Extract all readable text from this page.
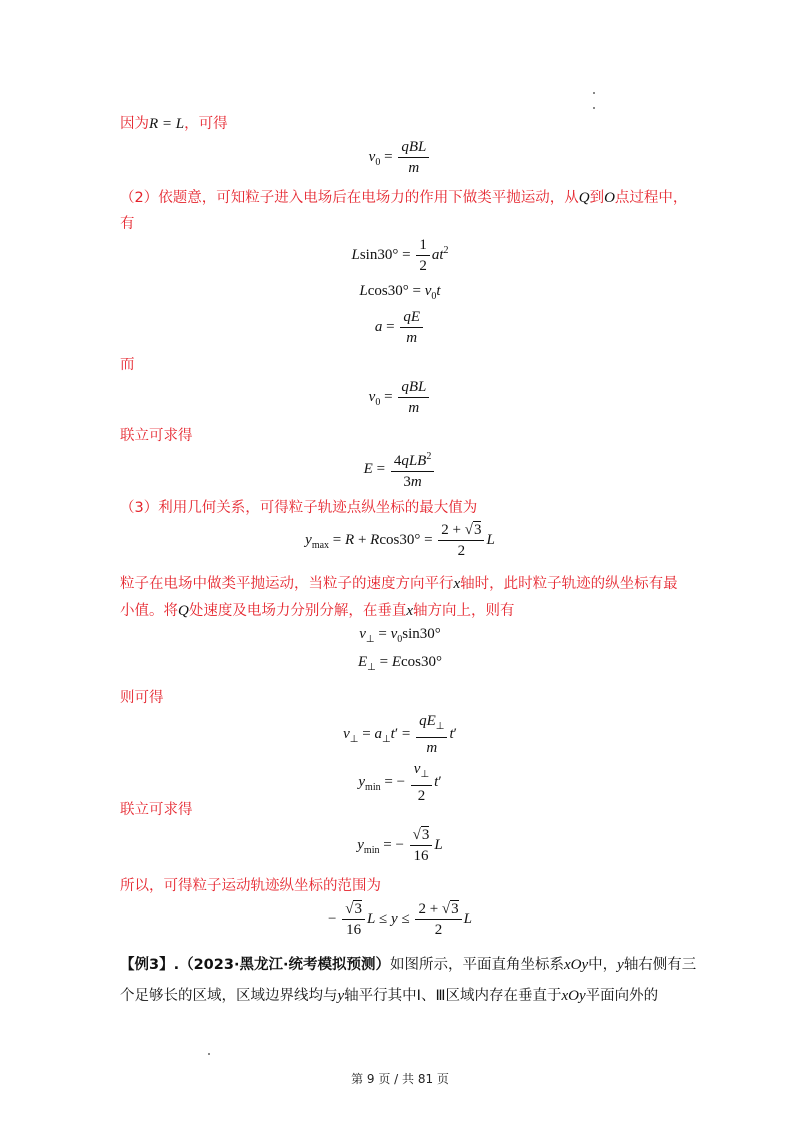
因为R = L，可得
$v_0 = \frac{\text{qBL}}{m}$
（2）依题意，可知粒子进入电场后在电场力的作用下做类平抛运动，从Q到O点过程中，
有
$Lsin30^\circ = \frac{1}{2} at^2$
$Lcos30^\circ = v_0t$
$a = \frac{qE}{m}$
而
$v_0 = \frac{\text{qBL}}{m}$
联立可求得
$E = \frac{4qLB^2}{3m}$
（3）利用几何关系，可得粒子轨迹点纵坐标的最大值为
$y_{max} = R + Rcos30^\circ = \frac{2 + √3}{2}$ L
粒子在电场中做类平抛运动，当粒子的速度方向平行x轴时，此时粒子轨迹的纵坐标有最
小值。将Q处速度及电场力分别分解，在垂直x轴方向上，则有
$v_\perp = v_0\sin 30^\circ$
$E_\perp = Ecos30^\circ$
则可得
$v_\perp = a_\perp t' = \frac{qE_\perp}{m} t'$
$y_{min}$ = − $\frac{v_\perp}{2} t'$
联立可求得
$y_{min}$ = − $\frac{√3}{16}$ L
所以，可得粒子运动轨迹纵坐标的范围为
− $\frac{√3}{16}$ $L \le y \le \frac{2 + √3}{2}$ L
【例3】.（2023·黑龙江·统考模拟预测）如图所示，平面直角坐标系xOy中，y轴右侧有三
个足够长的区域，区域边界线均与y轴平行其中Ⅰ、Ⅲ区域内存在垂直于xOy平面向外的
第 9 页 / 共 81 页
